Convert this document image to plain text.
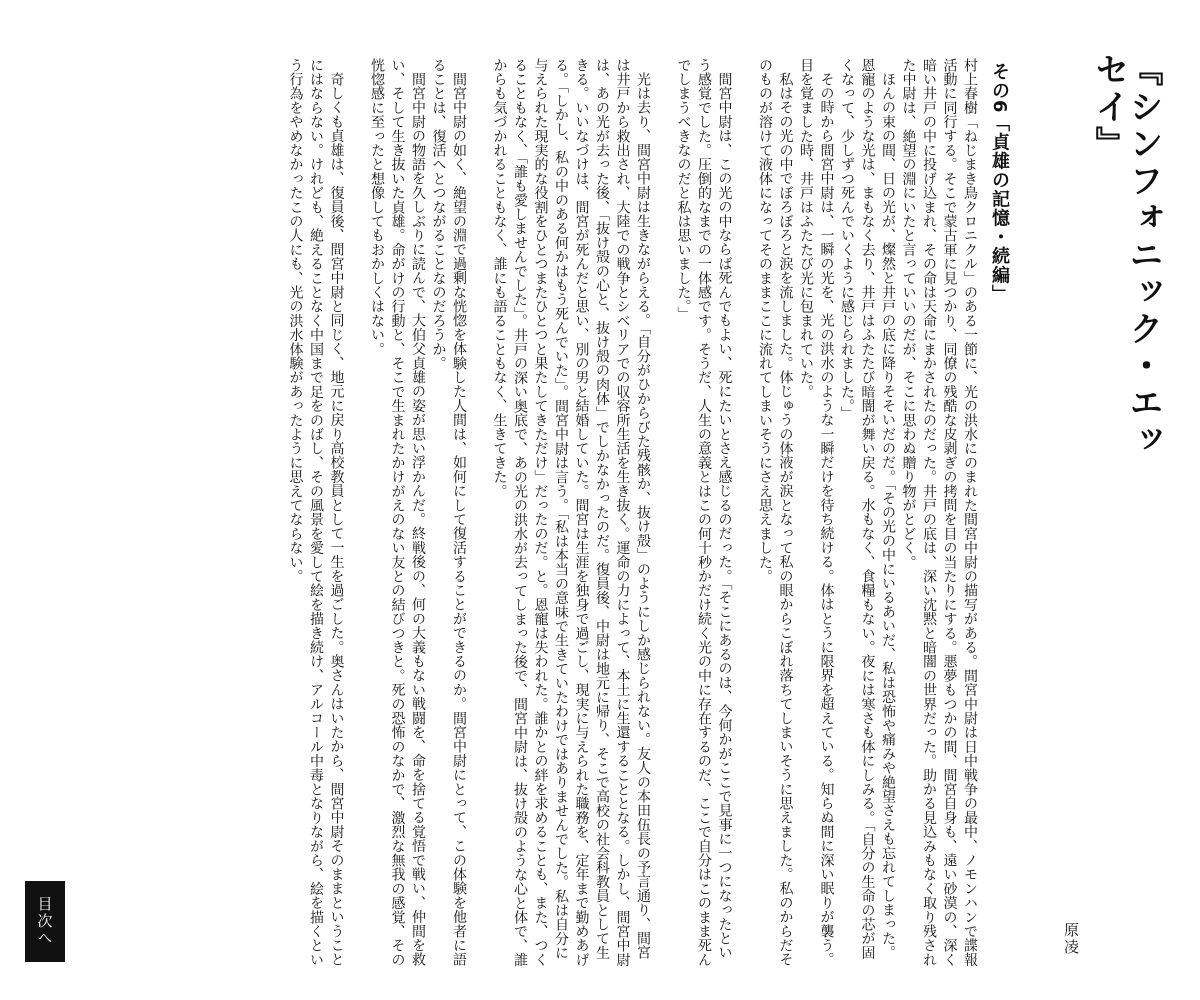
『シンフォニック・エッセイ』
原凌
その6「貞雄の記憶・続編」

村上春樹「ねじまき鳥クロニクル」のある一節に、光の洪水にのまれた間宮中尉の描写がある。間宮中尉は日中戦争の最中、ノモンハンで諜報活動に同行する。そこで蒙古軍に見つかり、同僚の残酷な皮剥ぎの拷問を目の当たりにする。悪夢もつかの間、間宮自身も、遠い砂漠の、深く暗い井戸の中に投げ込まれ、その命は天命にまかされたのだった。井戸の底は、深い沈黙と暗闇の世界だった。助かる見込みもなく取り残された中尉は、絶望の淵にいたと言っていいのだが、そこに思わぬ贈り物がとどく。

ほんの束の間、日の光が、燦然と井戸の底に降りそそいだのだ。「その光の中にいるあいだ、私は恐怖や痛みや絶望さえも忘れてしまった。恩寵のような光は、まもなく去り、井戸はふたたび暗闇が舞い戻る。水もなく、食糧もない。夜には寒さも体にしみる。「自分の生命の芯が固くなって、少しずつ死んでいくように感じられました。」

その時から間宮中尉は、一瞬の光を、光の洪水のような一瞬だけを待ち続ける。体はとうに限界を超えている。知らぬ間に深い眠りが襲う。目を覚ました時、井戸はふたたび光に包まれていた。

私はその光の中でぼろぼろと涙を流しました。体じゅうの体液が涙となって私の眼からこぼれ落ちてしまいそうに思えました。私のからだそのものが溶けて液体になってそのままここに流れてしまいそうにさえ思えました。

間宮中尉は、この光の中ならば死んでもよい、死にたいとさえ感じるのだった。「そこにあるのは、今何かがここで見事に一つになったという感覚でした。圧倒的なまでの一体感です。そうだ、人生の意義とはこの何十秒かだけ続く光の中に存在するのだ、ここで自分はこのまま死んでしまうべきなのだと私は思いました。」

光は去り、間宮中尉は生きながらえる。「自分がひからびた残骸か、抜け殻」のようにしか感じられない。友人の本田伍長の予言通り、間宮は井戸から救出され、大陸での戦争とシベリアでの収容所生活を生き抜く。運命の力によって、本土に生還することとなる。しかし、間宮中尉は、あの光が去った後、「抜け殻の心と、抜け殻の肉体」でしかなかったのだ。復員後、中尉は地元に帰り、そこで高校の社会科教員として生きる。いいなづけは、間宮が死んだと思い、別の男と結婚していた。間宮は生涯を独身で過ごし、現実に与えられた職務を、定年まで勤めあげる。「しかし、私の中のある何かはもう死んでいた」。間宮中尉は言う。「私は本当の意味で生きていたわけではありませんでした。私は自分に与えられた現実的な役割をひとつまたひとつと果たしてきただけ」だったのだ。と。恩寵は失われた。誰かとの絆を求めることも、また、つくることもなく、「誰も愛しませんでした」。井戸の深い奥底で、あの光の洪水が去ってしまった後で、間宮中尉は、抜け殻のような心と体で、誰からも気づかれることもなく、誰にも語ることもなく、生きてきた。

間宮中尉の如く、絶望の淵で過剰な恍惚を体験した人間は、如何にして復活することができるのか。間宮中尉にとって、この体験を他者に語ることは、復活へとつながることなのだろうか。

間宮中尉の物語を久しぶりに読んで、大伯父貞雄の姿が思い浮かんだ。終戦後の、何の大義もない戦闘を、命を捨てる覚悟で戦い、仲間を救い、そして生き抜いた貞雄。命がけの行動と、そこで生まれたかけがえのない友との結びつきと。死の恐怖のなかで、激烈な無我の感覚、その恍惚感に至ったと想像してもおかしくはない。

奇しくも貞雄は、復員後、間宮中尉と同じく、地元に戻り高校教員として一生を過ごした。奥さんはいたから、間宮中尉そのままということにはならない。けれども、絶えることなく中国まで足をのばし、その風景を愛して絵を描き続け、アルコール中毒となりながら、絵を描くという行為をやめなかったこの人にも、光の洪水体験があったように思えてならない。

目次へ
